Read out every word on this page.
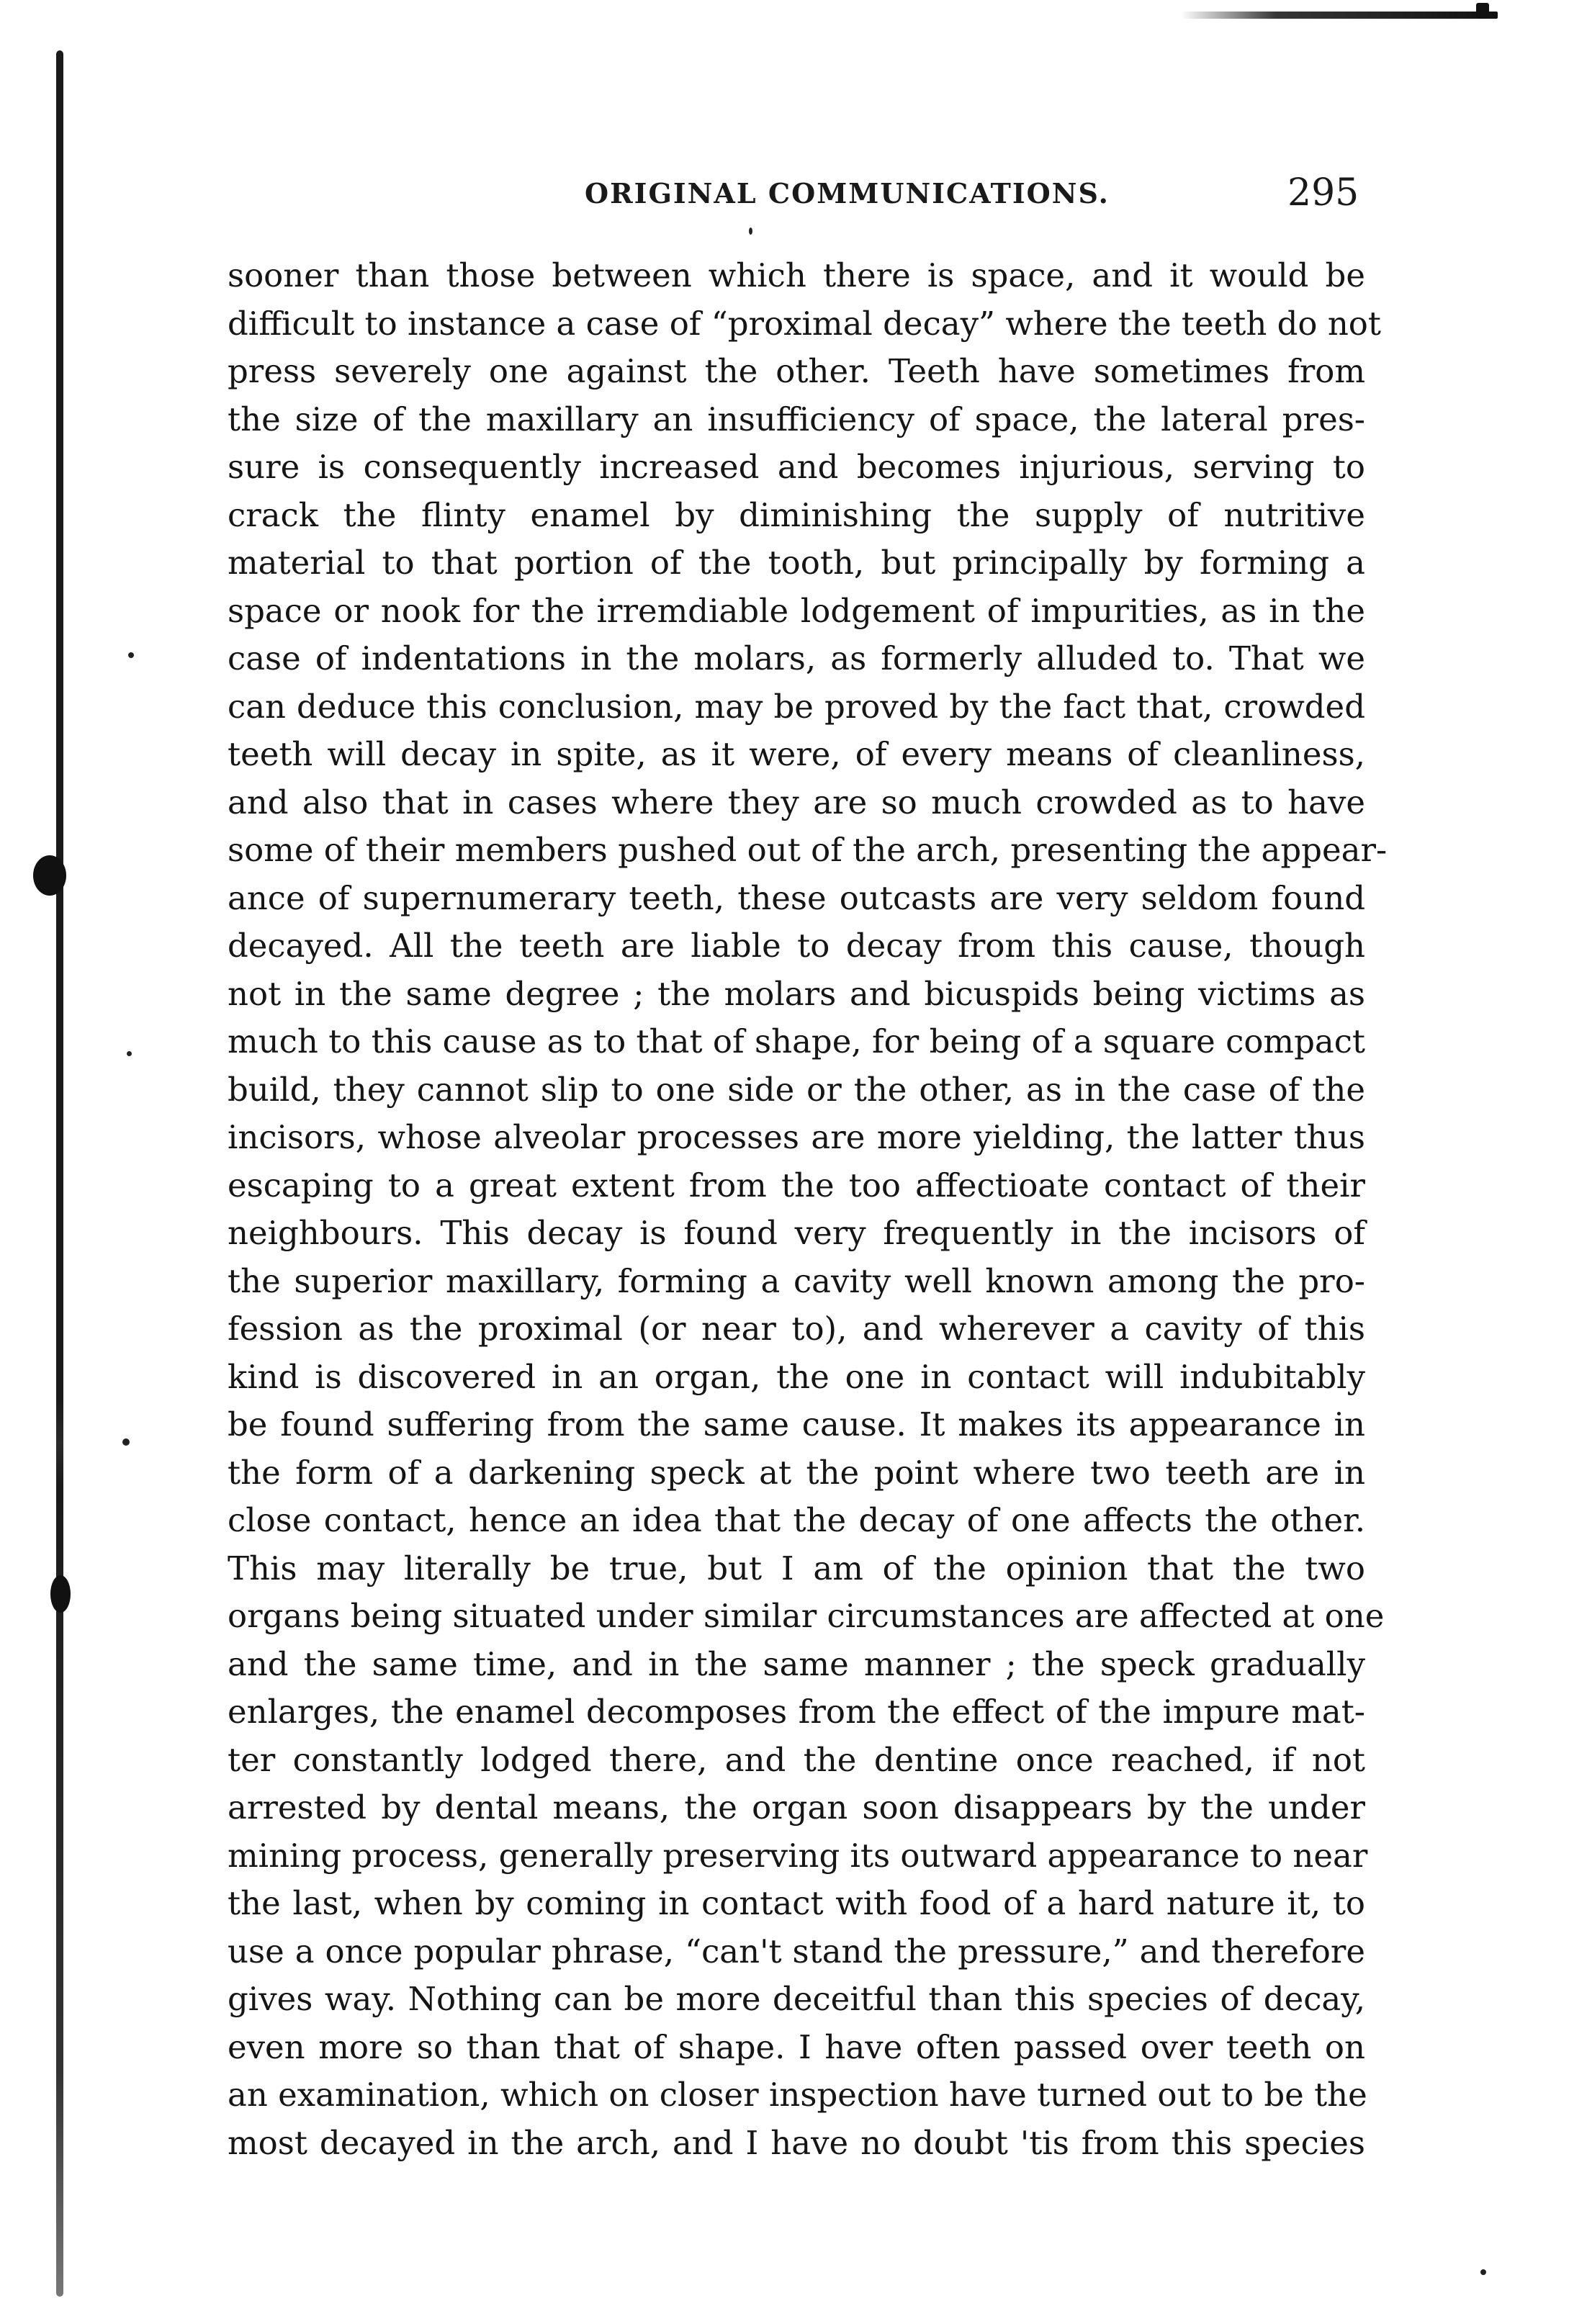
ORIGINAL COMMUNICATIONS.	295
sooner than those between which there is space, and it would be
difficult to instance a case of “proximal decay” where the teeth do not
press severely one against the other. Teeth have sometimes from
the size of the maxillary an insufficiency of space, the lateral pres-
sure is consequently increased and becomes injurious, serving to
crack the flinty enamel by diminishing the supply of nutritive
material to that portion of the tooth, but principally by forming a
space or nook for the irremdiable lodgement of impurities, as in the
case of indentations in the molars, as formerly alluded to. That we
can deduce this conclusion, may be proved by the fact that, crowded
teeth will decay in spite, as it were, of every means of cleanliness,
and also that in cases where they are so much crowded as to have
some of their members pushed out of the arch, presenting the appear-
ance of supernumerary teeth, these outcasts are very seldom found
decayed. All the teeth are liable to decay from this cause, though
not in the same degree ; the molars and bicuspids being victims as
much to this cause as to that of shape, for being of a square compact
build, they cannot slip to one side or the other, as in the case of the
incisors, whose alveolar processes are more yielding, the latter thus
escaping to a great extent from the too affectioate contact of their
neighbours. This decay is found very frequently in the incisors of
the superior maxillary, forming a cavity well known among the pro-
fession as the proximal (or near to), and wherever a cavity of this
kind is discovered in an organ, the one in contact will indubitably
be found suffering from the same cause. It makes its appearance in
the form of a darkening speck at the point where two teeth are in
close contact, hence an idea that the decay of one affects the other.
This may literally be true, but I am of the opinion that the two
organs being situated under similar circumstances are affected at one
and the same time, and in the same manner ; the speck gradually
enlarges, the enamel decomposes from the effect of the impure mat-
ter constantly lodged there, and the dentine once reached, if not
arrested by dental means, the organ soon disappears by the under
mining process, generally preserving its outward appearance to near
the last, when by coming in contact with food of a hard nature it, to
use a once popular phrase, “can't stand the pressure,” and therefore
gives way. Nothing can be more deceitful than this species of decay,
even more so than that of shape. I have often passed over teeth on
an examination, which on closer inspection have turned out to be the
most decayed in the arch, and I have no doubt 'tis from this species
